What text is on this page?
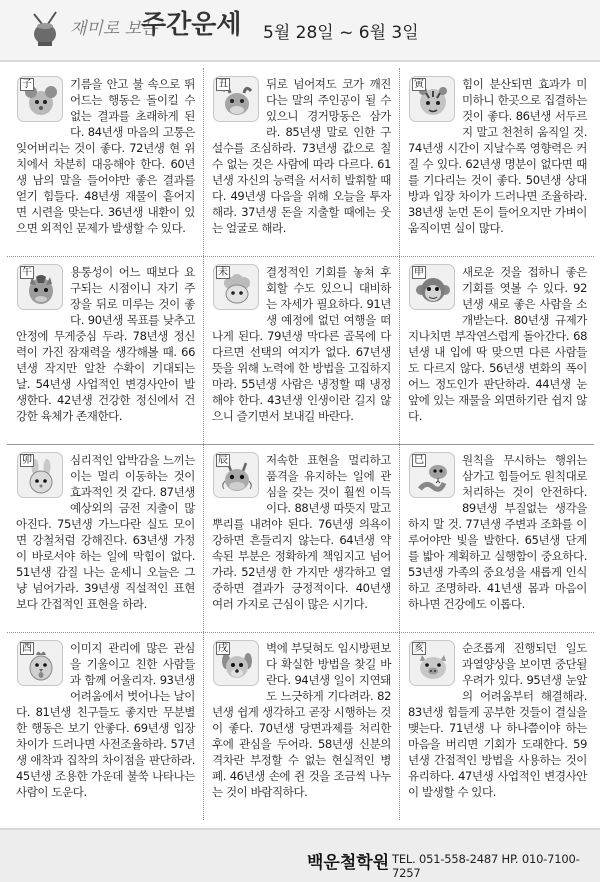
재미로 보는
주간운세 5월 28일 ~ 6월 3일
子	기름을 안고 불 속으로 뛰어드는 행동은 돌이킬 수 없는 결과를 초래하게 된다. 84년생 마음의 고통은 잊어버리는 것이 좋다. 72년생 현 위치에서 차분히 대응해야 한다. 60년생 남의 말을 들어야만 좋은 결과를 얻기 힘들다. 48년생 재물이 흩어지면 시련을 맞는다. 36년생 내환이 있으면 외적인 문제가 발생할 수 있다.
丑	뒤로 넘어져도 코가 깨진다는 말의 주인공이 될 수 있으니 경거망동은 삼가라. 85년생 말로 인한 구설수를 조심하라. 73년생 값으로 칠 수 없는 것은 사람에 따라 다르다. 61년생 자신의 능력을 서서히 발휘할 때다. 49년생 다음을 위해 오늘을 투자해라. 37년생 돈을 지출할 때에는 웃는 얼굴로 해라.
寅	힘이 분산되면 효과가 미미하니 한곳으로 집결하는 것이 좋다. 86년생 서두르지 말고 천천히 움직일 것. 74년생 시간이 지날수록 영향력은 커질 수 있다. 62년생 명분이 없다면 때를 기다리는 것이 좋다. 50년생 상대방과 입장 차이가 드러나면 조율하라. 38년생 눈먼 돈이 들어오지만 가벼이 움직이면 실이 많다.
午	용통성이 어느 때보다 요구되는 시점이니 자기 주장을 뒤로 미루는 것이 좋다. 90년생 목표를 낮추고 안정에 무게중심 두라. 78년생 정신력이 가진 잠재력을 생각해볼 때. 66년생 작지만 알찬 수확이 기대되는 날. 54년생 사업적인 변경사안이 발생한다. 42년생 건강한 정신에서 건강한 육체가 존재한다.
未	결정적인 기회를 놓쳐 후회할 수도 있으니 대비하는 자세가 필요하다. 91년생 예정에 없던 여행을 떠나게 된다. 79년생 막다른 골목에 다다르면 선택의 여지가 없다. 67년생 뜻을 위해 노력에 한 방법을 고집하지 마라. 55년생 사람은 냉정할 때 냉정해야 한다. 43년생 인생이란 길지 않으니 즐기면서 보내길 바란다.
申	새로운 것을 접하니 좋은 기회를 엿볼 수 있다. 92년생 새로 좋은 사람을 소개받는다. 80년생 규제가 지나치면 부작연스럽게 돌아간다. 68년생 내 입에 딱 맞으면 다른 사람들도 다르지 않다. 56년생 변화의 폭이 어느 정도인가 판단하라. 44년생 눈앞에 있는 재물을 외면하기란 쉽지 않다.
卯	심리적인 압박감을 느끼는 이는 멀리 이동하는 것이 효과적인 것 같다. 87년생 예상외의 금전 지출이 많아진다. 75년생 가느다란 실도 모이면 강철처럼 강해진다. 63년생 가정이 바로서야 하는 일에 막힘이 없다. 51년생 감질 나는 운세니 오늘은 그냥 넘어가라. 39년생 직설적인 표현보다 간접적인 표현을 하라.
辰	저속한 표현을 멀리하고 품격을 유지하는 일에 관심을 갖는 것이 훨씬 이득이다. 88년생 따뜻지 말고 뿌리를 내려야 된다. 76년생 의욕이 강하면 흔들리지 않는다. 64년생 약속된 부분은 정확하게 책임지고 넘어가라. 52년생 한 가지만 생각하고 열중하면 결과가 긍정적이다. 40년생 여러 가지로 근심이 많은 시기다.
巳	원칙을 무시하는 행위는 삼가고 힘들어도 원칙대로 처리하는 것이 안전하다. 89년생 부질없는 생각을 하지 말 것. 77년생 주변과 조화를 이루어야만 빛을 발한다. 65년생 단계를 밟아 계획하고 실행함이 중요하다. 53년생 가족의 중요성을 새롭게 인식하고 조명하라. 41년생 몸과 마음이 하나면 건강에도 이롭다.
酉	이미지 관리에 많은 관심을 기울이고 친한 사람들과 함께 어울리자. 93년생 어려움에서 벗어나는 날이다. 81년생 친구들도 좋지만 무분별한 행동은 보기 안좋다. 69년생 입장 차이가 드러나면 사전조율하라. 57년생 애착과 집착의 차이점을 판단하라. 45년생 조용한 가운데 불쑥 나타나는 사람이 도운다.
戌	벽에 부딪혀도 임시방편보다 확실한 방법을 찾길 바란다. 94년생 일이 지연돼도 느긋하게 기다려라. 82년생 쉽게 생각하고 곧장 시행하는 것이 좋다. 70년생 당면과제를 처리한 후에 관심을 두어라. 58년생 신분의 격차란 부정할 수 없는 현실적인 병폐. 46년생 손에 쥔 것을 조금씩 나누는 것이 바람직하다.
亥	순조롭게 진행되던 일도 과열양상을 보이면 중단될 우려가 있다. 95년생 눈앞의 어려움부터 해결해라. 83년생 힘들게 공부한 것들이 결실을 맺는다. 71년생 나 하나쯤이야 하는 마음을 버리면 기회가 도래한다. 59년생 간접적인 방법을 사용하는 것이 유리하다. 47년생 사업적인 변경사안이 발생할 수 있다.
백운철학원 TEL. 051-558-2487 HP. 010-7100-7257
